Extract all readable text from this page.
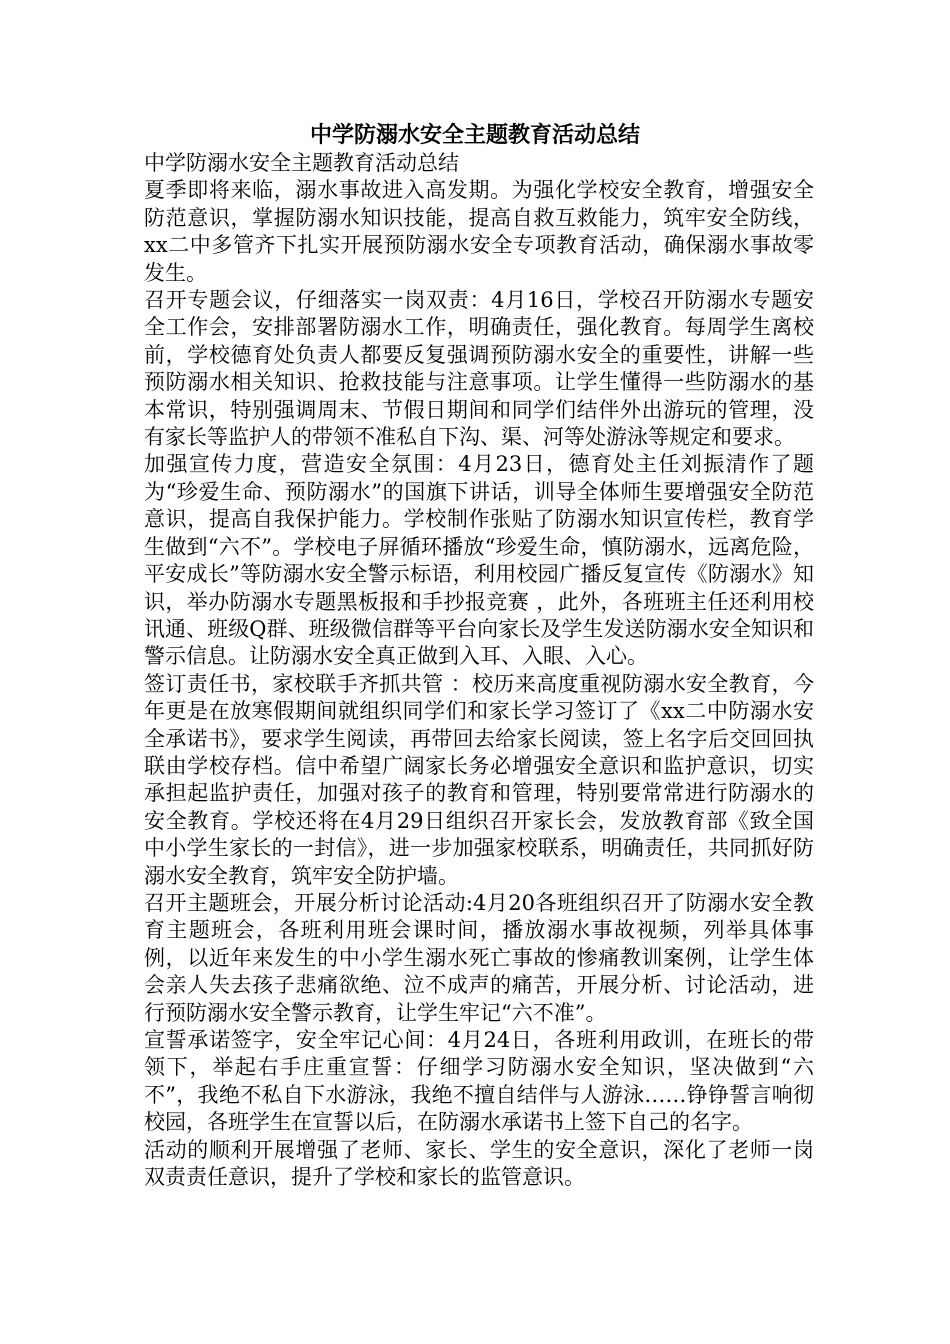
中学防溺水安全主题教育活动总结

中学防溺水安全主题教育活动总结

夏季即将来临，溺水事故进入高发期。为强化学校安全教育，增强安全防范意识，掌握防溺水知识技能，提高自救互救能力，筑牢安全防线，xx二中多管齐下扎实开展预防溺水安全专项教育活动，确保溺水事故零发生。

召开专题会议，仔细落实一岗双责：4月16日，学校召开防溺水专题安全工作会，安排部署防溺水工作，明确责任，强化教育。每周学生离校前，学校德育处负责人都要反复强调预防溺水安全的重要性，讲解一些预防溺水相关知识、抢救技能与注意事项。让学生懂得一些防溺水的基本常识，特别强调周末、节假日期间和同学们结伴外出游玩的管理，没有家长等监护人的带领不准私自下沟、渠、河等处游泳等规定和要求。

加强宣传力度，营造安全氛围：4月23日，德育处主任刘振清作了题为“珍爱生命、预防溺水”的国旗下讲话，训导全体师生要增强安全防范意识，提高自我保护能力。学校制作张贴了防溺水知识宣传栏，教育学生做到“六不”。学校电子屏循环播放“珍爱生命，慎防溺水，远离危险，平安成长”等防溺水安全警示标语，利用校园广播反复宣传《防溺水》知识，举办防溺水专题黑板报和手抄报竞赛 ，此外，各班班主任还利用校讯通、班级Q群、班级微信群等平台向家长及学生发送防溺水安全知识和警示信息。让防溺水安全真正做到入耳、入眼、入心。

签订责任书，家校联手齐抓共管 ：校历来高度重视防溺水安全教育，今年更是在放寒假期间就组织同学们和家长学习签订了《xx二中防溺水安全承诺书》，要求学生阅读，再带回去给家长阅读，签上名字后交回回执联由学校存档。信中希望广阔家长务必增强安全意识和监护意识，切实承担起监护责任，加强对孩子的教育和管理，特别要常常进行防溺水的安全教育。学校还将在4月29日组织召开家长会，发放教育部《致全国中小学生家长的一封信》，进一步加强家校联系，明确责任，共同抓好防溺水安全教育，筑牢安全防护墙。

召开主题班会，开展分析讨论活动:4月20各班组织召开了防溺水安全教育主题班会，各班利用班会课时间，播放溺水事故视频，列举具体事例，以近年来发生的中小学生溺水死亡事故的惨痛教训案例，让学生体会亲人失去孩子悲痛欲绝、泣不成声的痛苦，开展分析、讨论活动，进行预防溺水安全警示教育，让学生牢记“六不准”。

宣誓承诺签字，安全牢记心间：4月24日，各班利用政训，在班长的带领下，举起右手庄重宣誓：仔细学习防溺水安全知识，坚决做到“六不”，我绝不私自下水游泳，我绝不擅自结伴与人游泳……铮铮誓言响彻校园，各班学生在宣誓以后，在防溺水承诺书上签下自己的名字。

活动的顺利开展增强了老师、家长、学生的安全意识，深化了老师一岗双责责任意识，提升了学校和家长的监管意识。
